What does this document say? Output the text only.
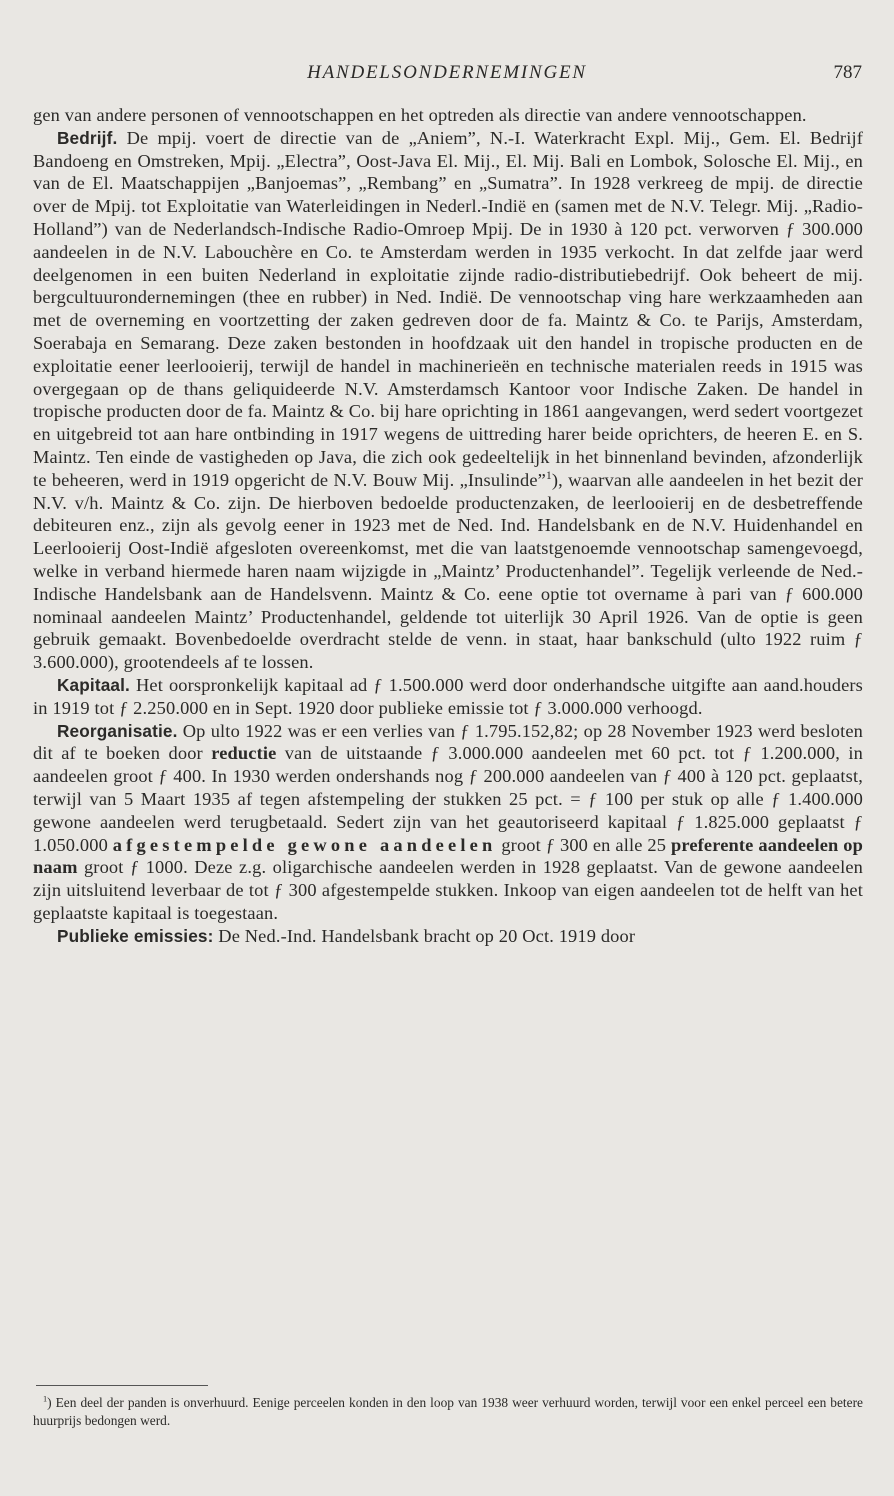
HANDELSONDERNEMINGEN	787

gen van andere personen of vennootschappen en het optreden als directie van andere vennootschappen.

Bedrijf. De mpij. voert de directie van de „Aniem”, N.-I. Waterkracht Expl. Mij., Gem. El. Bedrijf Bandoeng en Omstreken, Mpij. „Electra”, Oost-Java El. Mij., El. Mij. Bali en Lombok, Solosche El. Mij., en van de El. Maatschappijen „Banjoemas”, „Rembang” en „Sumatra”. In 1928 verkreeg de mpij. de directie over de Mpij. tot Exploitatie van Waterleidingen in Nederl.-Indië en (samen met de N.V. Telegr. Mij. „Radio-Holland”) van de Nederlandsch-Indische Radio-Omroep Mpij. De in 1930 à 120 pct. verworven ƒ 300.000 aandeelen in de N.V. Labouchère en Co. te Amsterdam werden in 1935 verkocht. In dat zelfde jaar werd deelgenomen in een buiten Nederland in exploitatie zijnde radio-distributiebedrijf. Ook beheert de mij. bergcultuurondernemingen (thee en rubber) in Ned. Indië. De vennootschap ving hare werkzaamheden aan met de overneming en voortzetting der zaken gedreven door de fa. Maintz & Co. te Parijs, Amsterdam, Soerabaja en Semarang. Deze zaken bestonden in hoofdzaak uit den handel in tropische producten en de exploitatie eener leerlooierij, terwijl de handel in machinerieën en technische materialen reeds in 1915 was overgegaan op de thans geliquideerde N.V. Amsterdamsch Kantoor voor Indische Zaken. De handel in tropische producten door de fa. Maintz & Co. bij hare oprichting in 1861 aangevangen, werd sedert voortgezet en uitgebreid tot aan hare ontbinding in 1917 wegens de uittreding harer beide oprichters, de heeren E. en S. Maintz. Ten einde de vastigheden op Java, die zich ook gedeeltelijk in het binnenland bevinden, afzonderlijk te beheeren, werd in 1919 opgericht de N.V. Bouw Mij. „Insulinde”$^1$), waarvan alle aandeelen in het bezit der N.V. v/h. Maintz & Co. zijn. De hierboven bedoelde productenzaken, de leerlooierij en de desbetreffende debiteuren enz., zijn als gevolg eener in 1923 met de Ned. Ind. Handelsbank en de N.V. Huidenhandel en Leerlooierij Oost-Indië afgesloten overeenkomst, met die van laatstgenoemde vennootschap samengevoegd, welke in verband hiermede haren naam wijzigde in „Maintz’ Productenhandel”. Tegelijk verleende de Ned.-Indische Handelsbank aan de Handelsvenn. Maintz & Co. eene optie tot overname à pari van ƒ 600.000 nominaal aandeelen Maintz’ Productenhandel, geldende tot uiterlijk 30 April 1926. Van de optie is geen gebruik gemaakt. Bovenbedoelde overdracht stelde de venn. in staat, haar bankschuld (ulto 1922 ruim ƒ 3.600.000), grootendeels af te lossen.

Kapitaal. Het oorspronkelijk kapitaal ad ƒ 1.500.000 werd door onderhandsche uitgifte aan aand.houders in 1919 tot ƒ 2.250.000 en in Sept. 1920 door publieke emissie tot ƒ 3.000.000 verhoogd.

Reorganisatie. Op ulto 1922 was er een verlies van ƒ 1.795.152,82; op 28 November 1923 werd besloten dit af te boeken door reductie van de uitstaande ƒ 3.000.000 aandeelen met 60 pct. tot ƒ 1.200.000, in aandeelen groot ƒ 400. In 1930 werden ondershands nog ƒ 200.000 aandeelen van ƒ 400 à 120 pct. geplaatst, terwijl van 5 Maart 1935 af tegen afstempeling der stukken 25 pct. = ƒ 100 per stuk op alle ƒ 1.400.000 gewone aandeelen werd terugbetaald. Sedert zijn van het geautoriseerd kapitaal ƒ 1.825.000 geplaatst ƒ 1.050.000 afgestempelde gewone aandeelen groot ƒ 300 en alle 25 preferente aandeelen op naam groot ƒ 1000. Deze z.g. oligarchische aandeelen werden in 1928 geplaatst. Van de gewone aandeelen zijn uitsluitend leverbaar de tot ƒ 300 afgestempelde stukken. Inkoop van eigen aandeelen tot de helft van het geplaatste kapitaal is toegestaan.

Publieke emissies: De Ned.-Ind. Handelsbank bracht op 20 Oct. 1919 door

$^1$) Een deel der panden is onverhuurd. Eenige perceelen konden in den loop van 1938 weer verhuurd worden, terwijl voor een enkel perceel een betere huurprijs bedongen werd.
